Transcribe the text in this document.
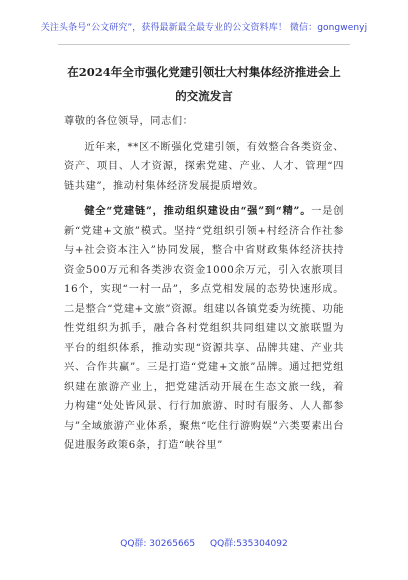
关注头条号“公文研究”，获得最新最全最专业的公文资料库！ 微信：gongwenyj
在2024年全市强化党建引领壮大村集体经济推进会上的交流发言

尊敬的各位领导，同志们：

近年来，**区不断强化党建引领，有效整合各类资金、资产、项目、人才资源，探索党建、产业、人才、管理“四链共建”，推动村集体经济发展提质增效。

健全“党建链”，推动组织建设由“强”到“精”。一是创新“党建+文旅”模式。坚持“党组织引领+村经济合作社参与+社会资本注入”协同发展，整合中省财政集体经济扶持资金500万元和各类涉农资金1000余万元，引入农旅项目16个，实现“一村一品”，多点党相发展的态势快速形成。二是整合“党建+文旅”资源。组建以各镇党委为统揽、功能性党组织为抓手，融合各村党组织共同组建以文旅联盟为平台的组织体系，推动实现“资源共享、品牌共建、产业共兴、合作共赢”。三是打造“党建+文旅”品牌。通过把党组织建在旅游产业上，把党建活动开展在生态文旅一线，着力构建“处处皆风景、行行加旅游、时时有服务、人人都参与”全域旅游产业体系，聚焦“吃住行游购娱”六类要素出台促进服务政策6条，打造“峡谷里”

QQ群: 30265665 QQ群:535304092
